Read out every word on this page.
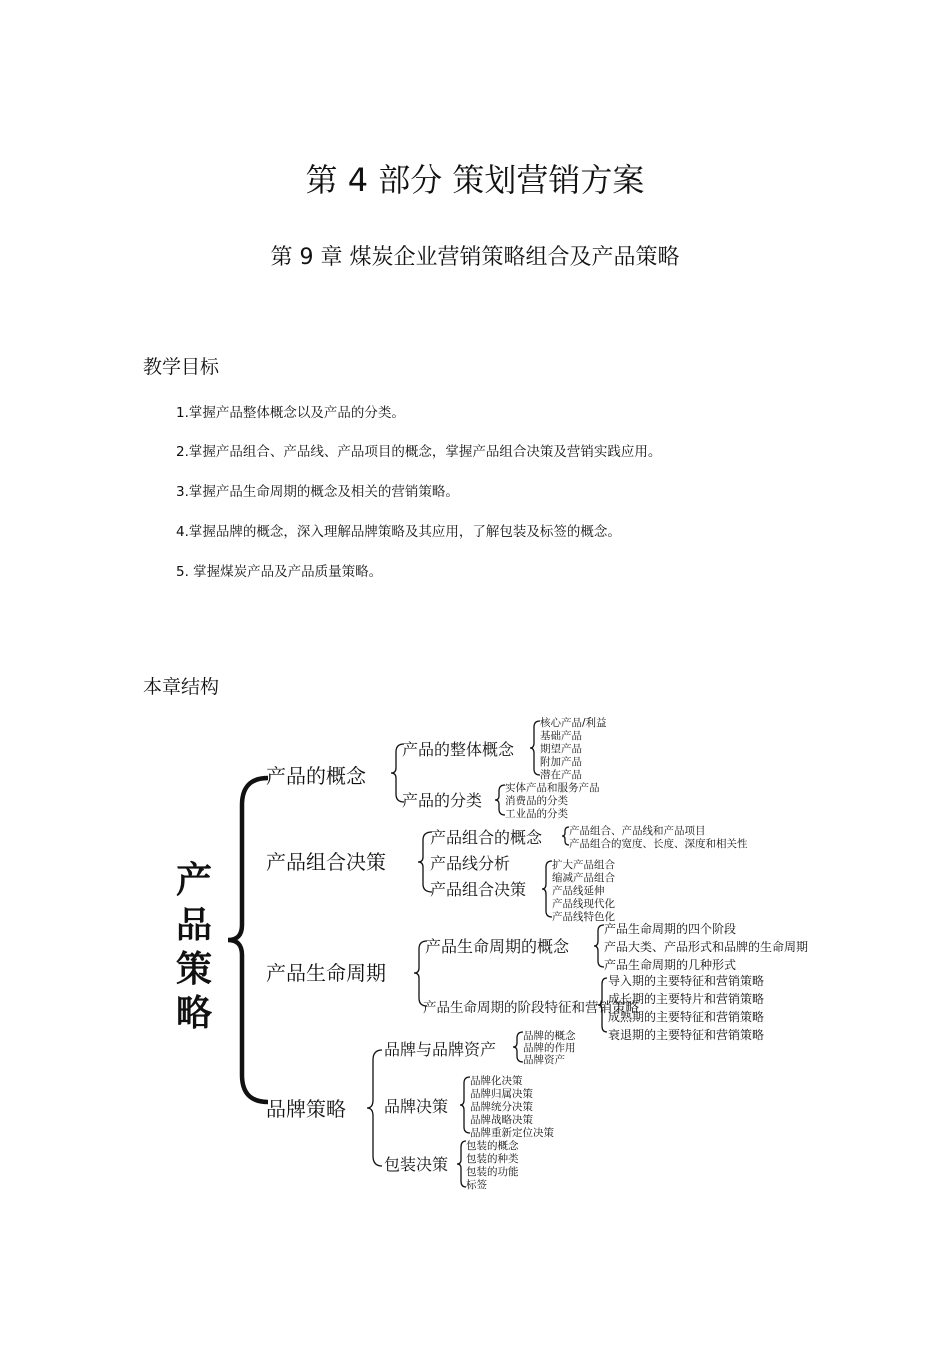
第 4 部分 策划营销方案
第 9 章 煤炭企业营销策略组合及产品策略
教学目标
1.掌握产品整体概念以及产品的分类。
2.掌握产品组合、产品线、产品项目的概念，掌握产品组合决策及营销实践应用。
3.掌握产品生命周期的概念及相关的营销策略。
4.掌握品牌的概念，深入理解品牌策略及其应用，了解包装及标签的概念。
5. 掌握煤炭产品及产品质量策略。
本章结构
产
品
策
略
产品的概念
产品组合决策
产品生命周期
品牌策略
产品的整体概念
产品的分类
核心产品/利益
基础产品
期望产品
附加产品
潜在产品
实体产品和服务产品
消费品的分类
工业品的分类
产品组合的概念
产品线分析
产品组合决策
产品组合、产品线和产品项目
产品组合的宽度、长度、深度和相关性
扩大产品组合
缩减产品组合
产品线延伸
产品线现代化
产品线特色化
产品生命周期的概念
产品生命周期的阶段特征和营销策略
产品生命周期的四个阶段
产品大类、产品形式和品牌的生命周期
产品生命周期的几种形式
导入期的主要特征和营销策略
成长期的主要特片和营销策略
成熟期的主要特征和营销策略
衰退期的主要特征和营销策略
品牌与品牌资产
品牌决策
包装决策
品牌的概念
品牌的作用
品牌资产
品牌化决策
品牌归属决策
品牌统分决策
品牌战略决策
品牌重新定位决策
包装的概念
包装的种类
包装的功能
标签
